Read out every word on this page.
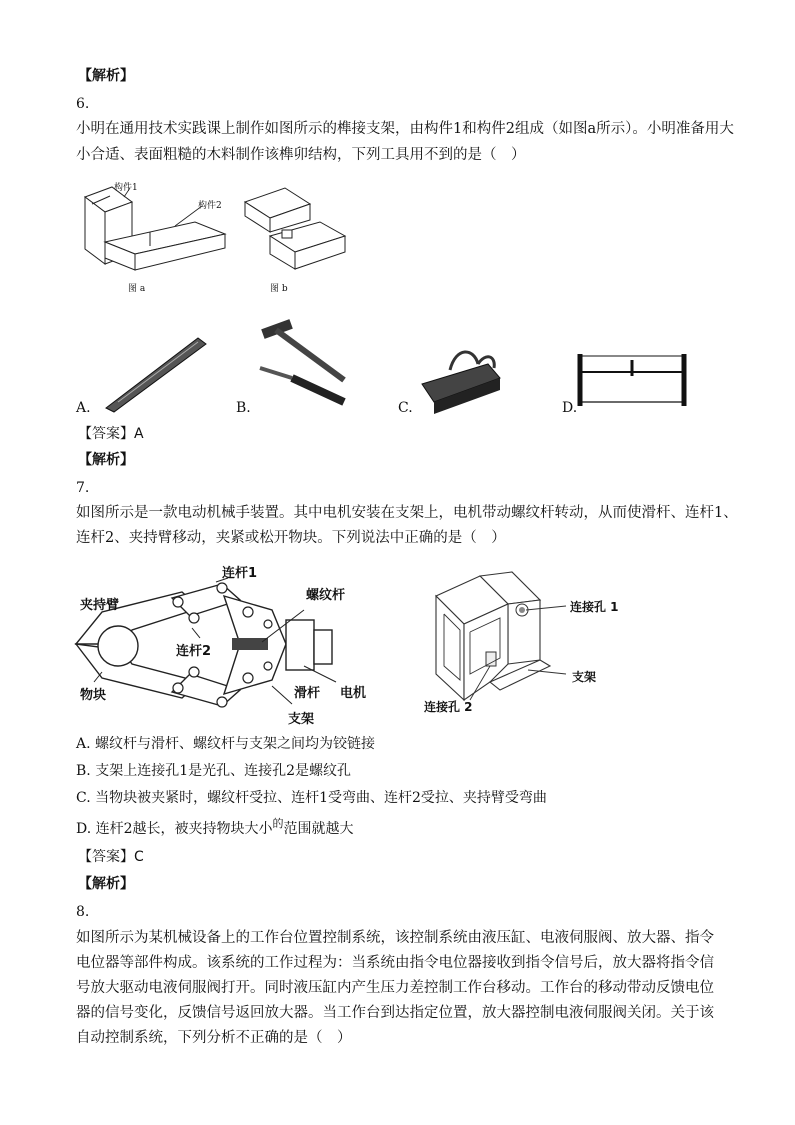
【解析】
6.
小明在通用技术实践课上制作如图所示的榫接支架，由构件1和构件2组成（如图a所示）。小明准备用大
小合适、表面粗糙的木料制作该榫卯结构，下列工具用不到的是（　）
构件1
构件2
图 a	图 b
A.	B.	C.	D.
【答案】A
【解析】
7.
如图所示是一款电动机械手装置。其中电机安装在支架上，电机带动螺纹杆转动，从而使滑杆、连杆1、
连杆2、夹持臂移动，夹紧或松开物块。下列说法中正确的是（　）
连杆1
螺纹杆
夹持臂
连杆2
物块	滑杆 电机
支架
连接孔 1
支架
连接孔 2
A. 螺纹杆与滑杆、螺纹杆与支架之间均为铰链接
B. 支架上连接孔1是光孔、连接孔2是螺纹孔
C. 当物块被夹紧时，螺纹杆受拉、连杆1受弯曲、连杆2受拉、夹持臂受弯曲
D. 连杆2越长，被夹持物块大小$^的$范围就越大
【答案】C
【解析】
8.
如图所示为某机械设备上的工作台位置控制系统，该控制系统由液压缸、电液伺服阀、放大器、指令电位器等部件构成。该系统的工作过程为：当系统由指令电位器接收到指令信号后，放大器将指令信号放大驱动电液伺服阀打开。同时液压缸内产生压力差控制工作台移动。工作台的移动带动反馈电位器的信号变化，反馈信号返回放大器。当工作台到达指定位置，放大器控制电液伺服阀关闭。关于该自动控制系统，下列分析不正确的是（　）
